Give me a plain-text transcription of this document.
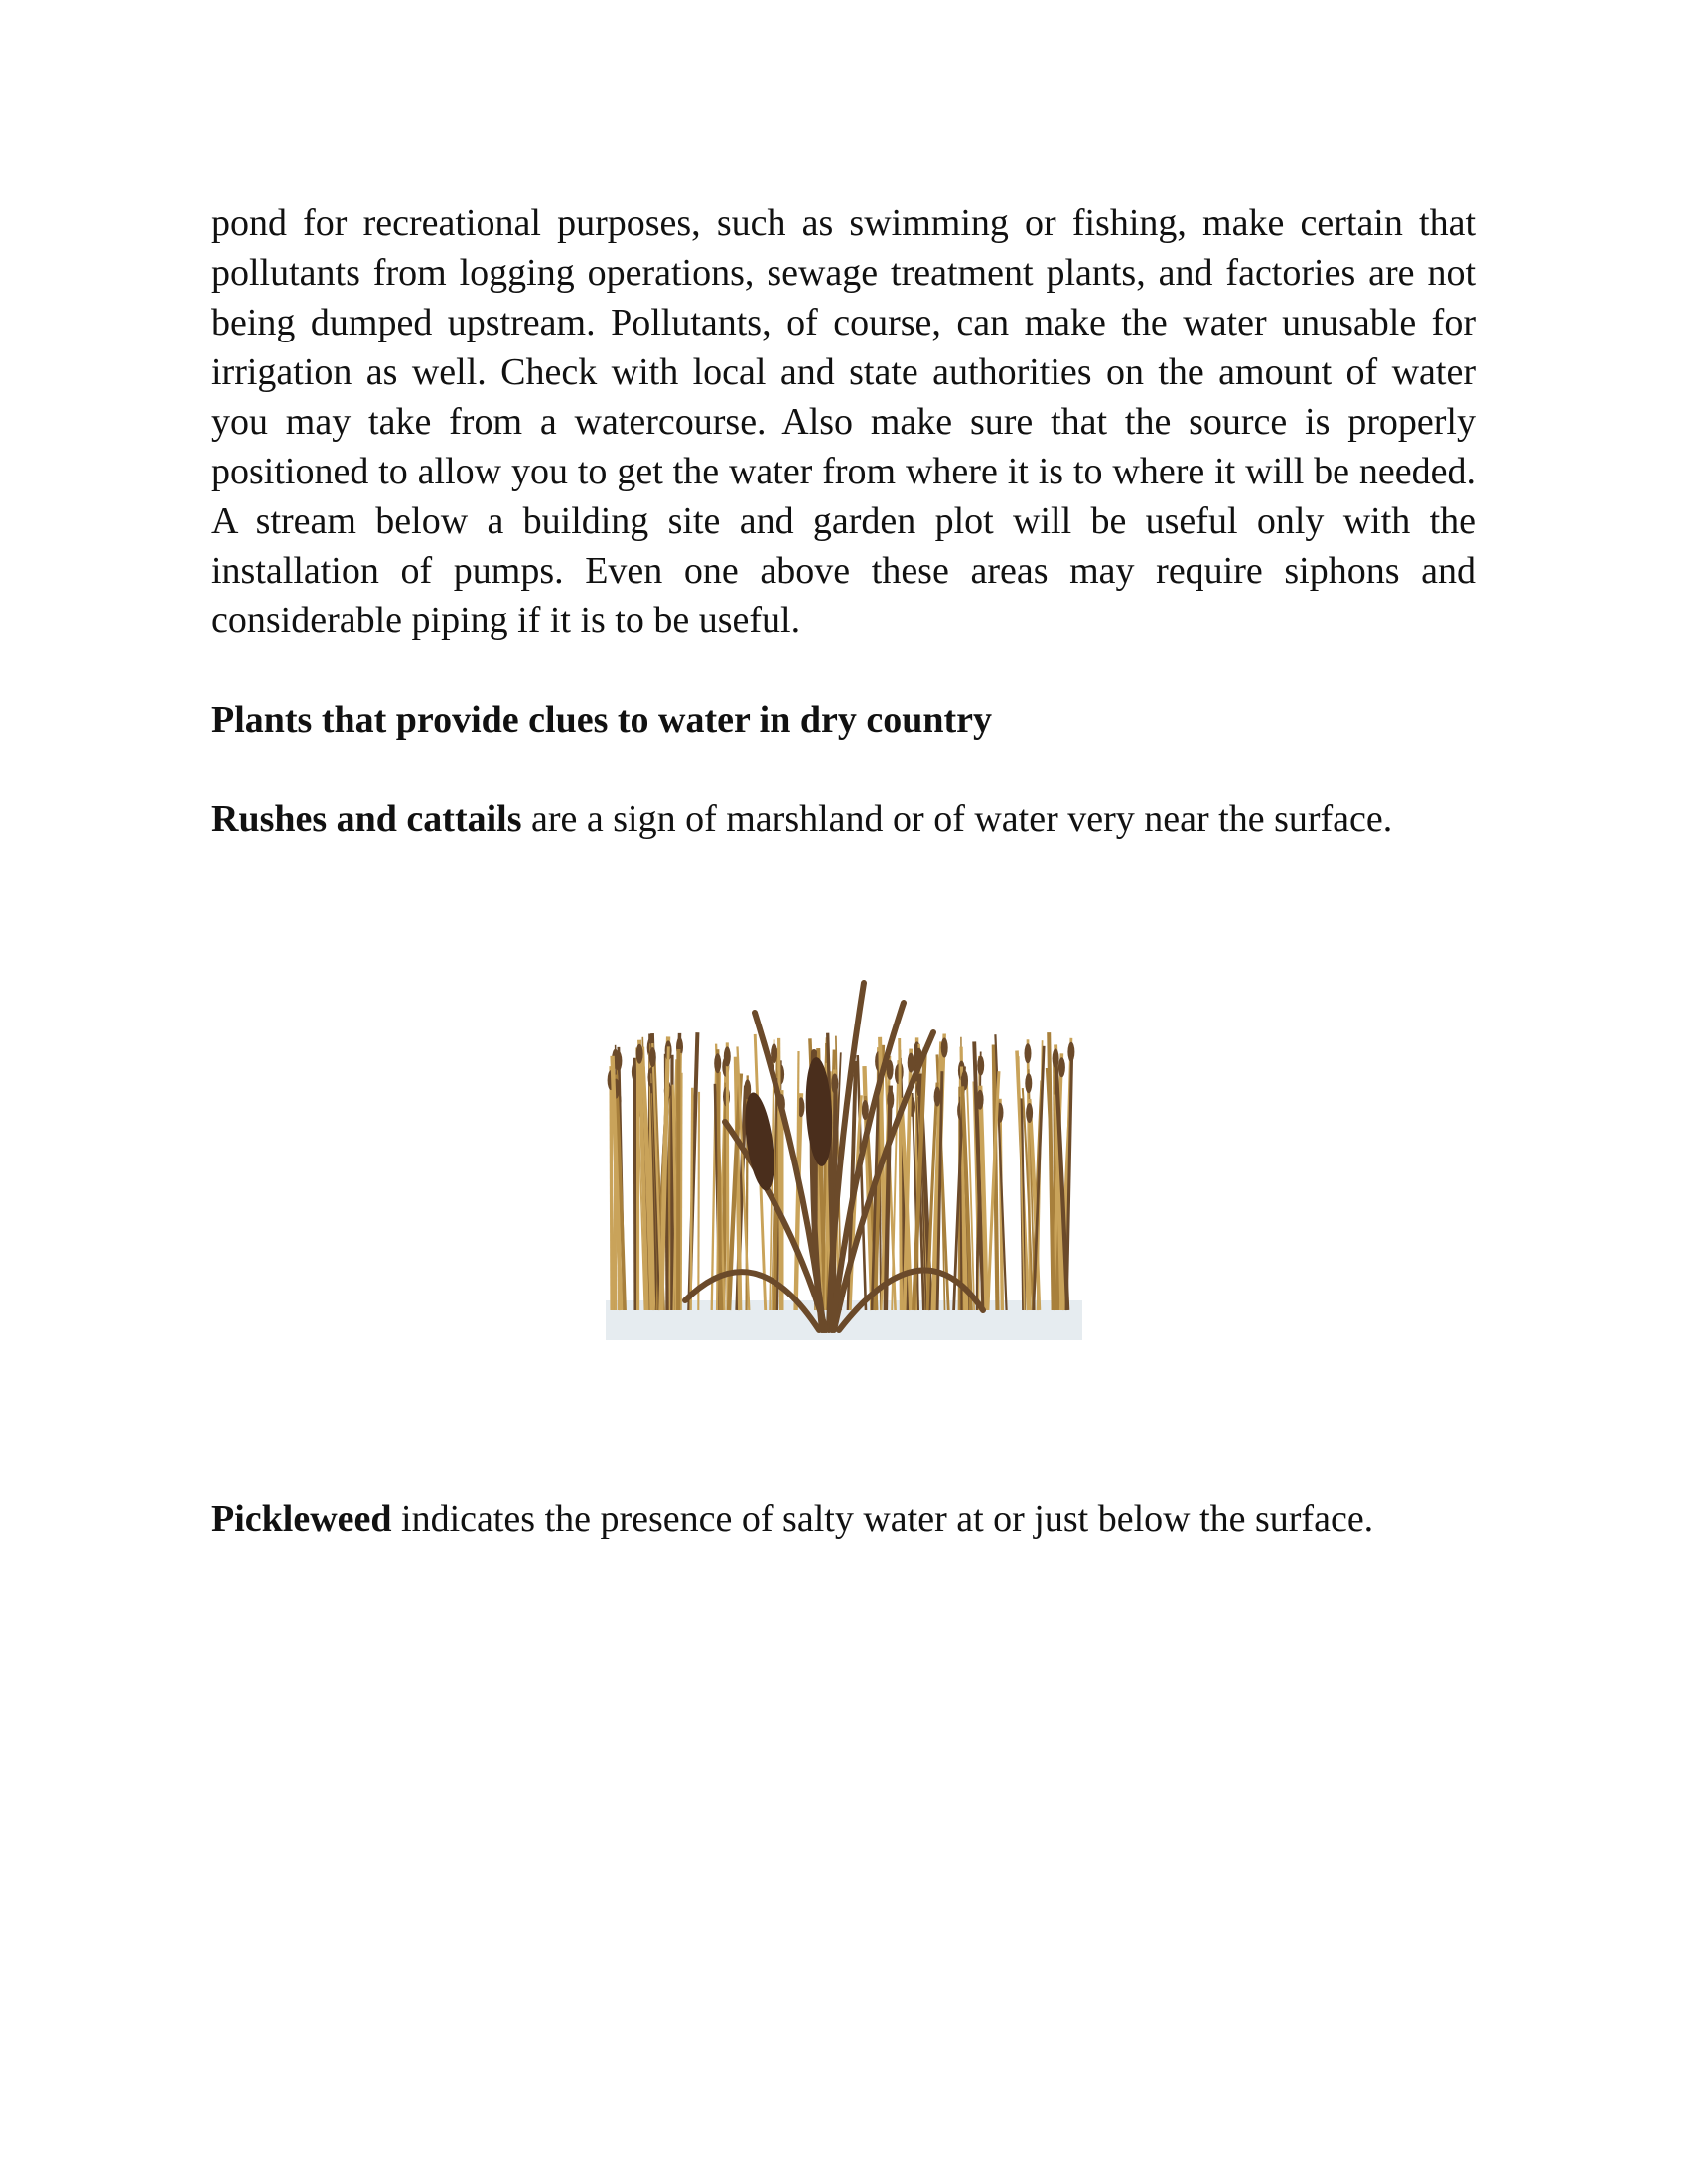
pond for recreational purposes, such as swimming or fishing, make certain that pollutants from logging operations, sewage treatment plants, and factories are not being dumped upstream. Pollutants, of course, can make the water unusable for irrigation as well. Check with local and state authorities on the amount of water you may take from a watercourse. Also make sure that the source is properly positioned to allow you to get the water from where it is to where it will be needed. A stream below a building site and garden plot will be useful only with the installation of pumps. Even one above these areas may require siphons and considerable piping if it is to be useful.

Plants that provide clues to water in dry country

Rushes and cattails are a sign of marshland or of water very near the surface.

Pickleweed indicates the presence of salty water at or just below the surface.
